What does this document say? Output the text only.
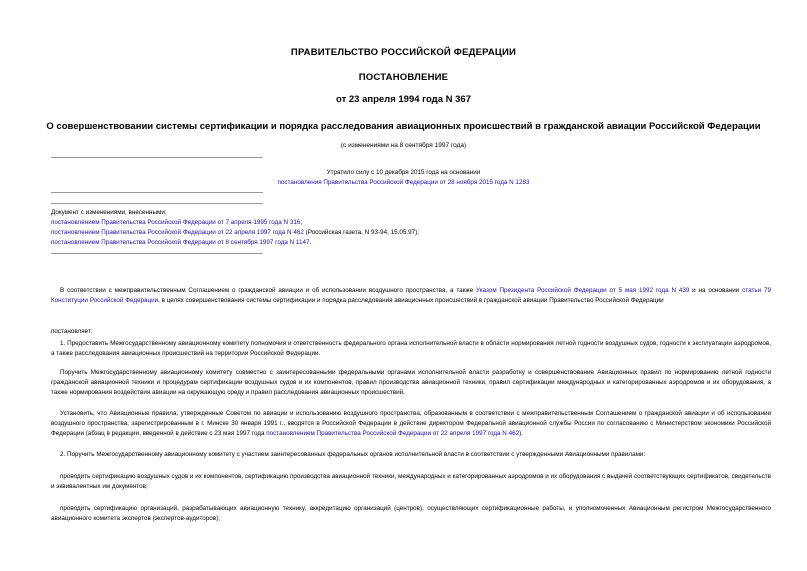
ПРАВИТЕЛЬСТВО РОССИЙСКОЙ ФЕДЕРАЦИИ
ПОСТАНОВЛЕНИЕ
от 23 апреля 1994 года N 367
О совершенствовании системы сертификации и порядка расследования авиационных происшествий в гражданской авиации Российской Федерации
(с изменениями на 8 сентября 1997 года)
Утратило силу с 10 декабря 2015 года на основании
постановления Правительства Российской Федерации от 28 ноября 2015 года N 1283
Документ с изменениями, внесенными:
постановлением Правительства Российской Федерации от 7 апреля 1995 года N 316;
постановлением Правительства Российской Федерации от 22 апреля 1997 года N 462 (Российская газета, N 93-94, 15.05.97);
постановлением Правительства Российской Федерации от 8 сентября 1997 года N 1147.
В соответствии с межправительственным Соглашением о гражданской авиации и об использовании воздушного пространства, а также Указом Президента Российской Федерации от 5 мая 1992 года N 439 и на основании статьи 79 Конституции Российской Федерации, в целях совершенствования системы сертификации и порядка расследования авиационных происшествий в гражданской авиации Правительство Российской Федерации
постановляет:
1. Предоставить Межгосударственному авиационному комитету полномочия и ответственность федерального органа исполнительной власти в области нормирования летной годности воздушных судов, годности к эксплуатации аэродромов, а также расследования авиационных происшествий на территории Российской Федерации.
Поручить Межгосударственному авиационному комитету совместно с заинтересованными федеральными органами исполнительной власти разработку и совершенствование Авиационных правил по нормированию летной годности гражданской авиационной техники и процедурам сертификации воздушных судов и их компонентов, правил производства авиационной техники, правил сертификации международных и категорированных аэродромов и их оборудования, а также нормирования воздействия авиации на окружающую среду и правил расследования авиационных происшествий.
Установить, что Авиационные правила, утвержденные Советом по авиации и использованию воздушного пространства, образованным в соответствии с межправительственным Соглашением о гражданской авиации и об использовании воздушного пространства, зарегистрированным в г. Минске 30 января 1991 г., вводятся в Российской Федерации в действие директором Федеральной авиационной службы России по согласованию с Министерством экономики Российской Федерации (абзац в редакции, введенной в действие с 23 мая 1997 года постановлением Правительства Российской Федерации от 22 апреля 1997 года N 462).
2. Поручить Межгосударственному авиационному комитету с участием заинтересованных федеральных органов исполнительной власти в соответствии с утвержденными Авиационными правилами:
проводить сертификацию воздушных судов и их компонентов, сертификацию производства авиационной техники, международных и категорированных аэродромов и их оборудования с выдачей соответствующих сертификатов, свидетельств и эквивалентных им документов;
проводить сертификацию организаций, разрабатывающих авиационную технику, аккредитацию организаций (центров), осуществляющих сертификационные работы, и уполномоченных Авиационным регистром Межгосударственного авиационного комитета экспертов (экспертов-аудиторов);
